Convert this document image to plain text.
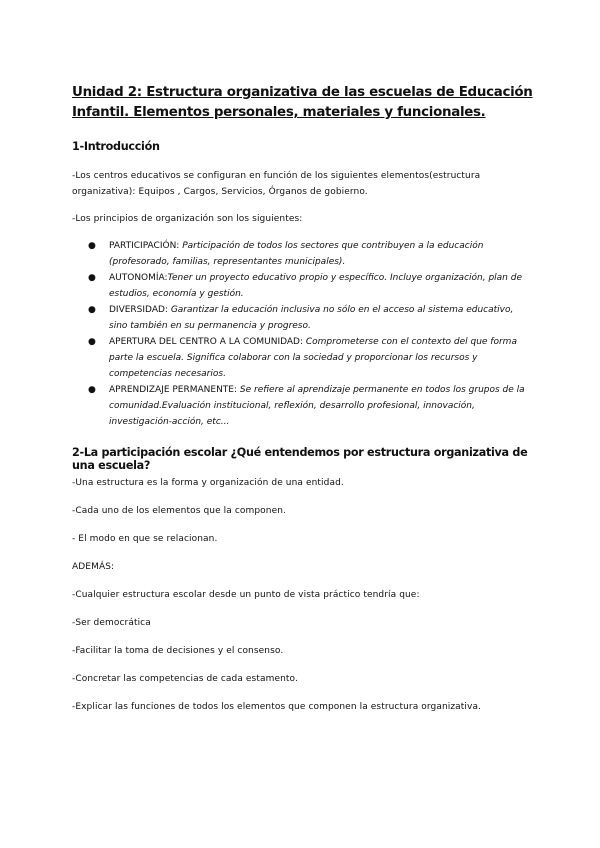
Unidad 2: Estructura organizativa de las escuelas de Educación Infantil. Elementos personales, materiales y funcionales.
1-Introducción

-Los centros educativos se configuran en función de los siguientes elementos(estructura organizativa): Equipos , Cargos, Servicios, Órganos de gobierno.

-Los principios de organización son los siguientes:

● PARTICIPACIÓN: Participación de todos los sectores que contribuyen a la educación (profesorado, familias, representantes municipales).
● AUTONOMÍA:Tener un proyecto educativo propio y específico. Incluye organización, plan de estudios, economía y gestión.
● DIVERSIDAD: Garantizar la educación inclusiva no sólo en el acceso al sistema educativo, sino también en su permanencia y progreso.
● APERTURA DEL CENTRO A LA COMUNIDAD: Comprometerse con el contexto del que forma parte la escuela. Significa colaborar con la sociedad y proporcionar los recursos y competencias necesarios.
● APRENDIZAJE PERMANENTE: Se refiere al aprendizaje permanente en todos los grupos de la comunidad.Evaluación institucional, reflexión, desarrollo profesional, innovación, investigación-acción, etc...
2-La participación escolar ¿Qué entendemos por estructura organizativa de una escuela?

-Una estructura es la forma y organización de una entidad.

-Cada uno de los elementos que la componen.

- El modo en que se relacionan.

ADEMÁS:

-Cualquier estructura escolar desde un punto de vista práctico tendría que:

-Ser democrática

-Facilitar la toma de decisiones y el consenso.

-Concretar las competencias de cada estamento.

-Explicar las funciones de todos los elementos que componen la estructura organizativa.
